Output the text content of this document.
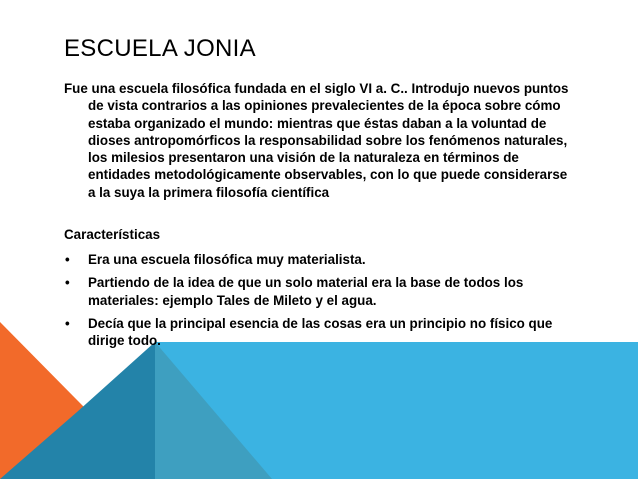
ESCUELA JONIA

Fue una escuela filosófica fundada en el siglo VI a. C.. Introdujo nuevos puntos de vista contrarios a las opiniones prevalecientes de la época sobre cómo estaba organizado el mundo: mientras que éstas daban a la voluntad de dioses antropomórficos la responsabilidad sobre los fenómenos naturales, los milesios presentaron una visión de la naturaleza en términos de entidades metodológicamente observables, con lo que puede considerarse a la suya la primera filosofía científica

Características
• Era una escuela filosófica muy materialista.
• Partiendo de la idea de que un solo material era la base de todos los materiales: ejemplo Tales de Mileto y el agua.
• Decía que la principal esencia de las cosas era un principio no físico que dirige todo.
